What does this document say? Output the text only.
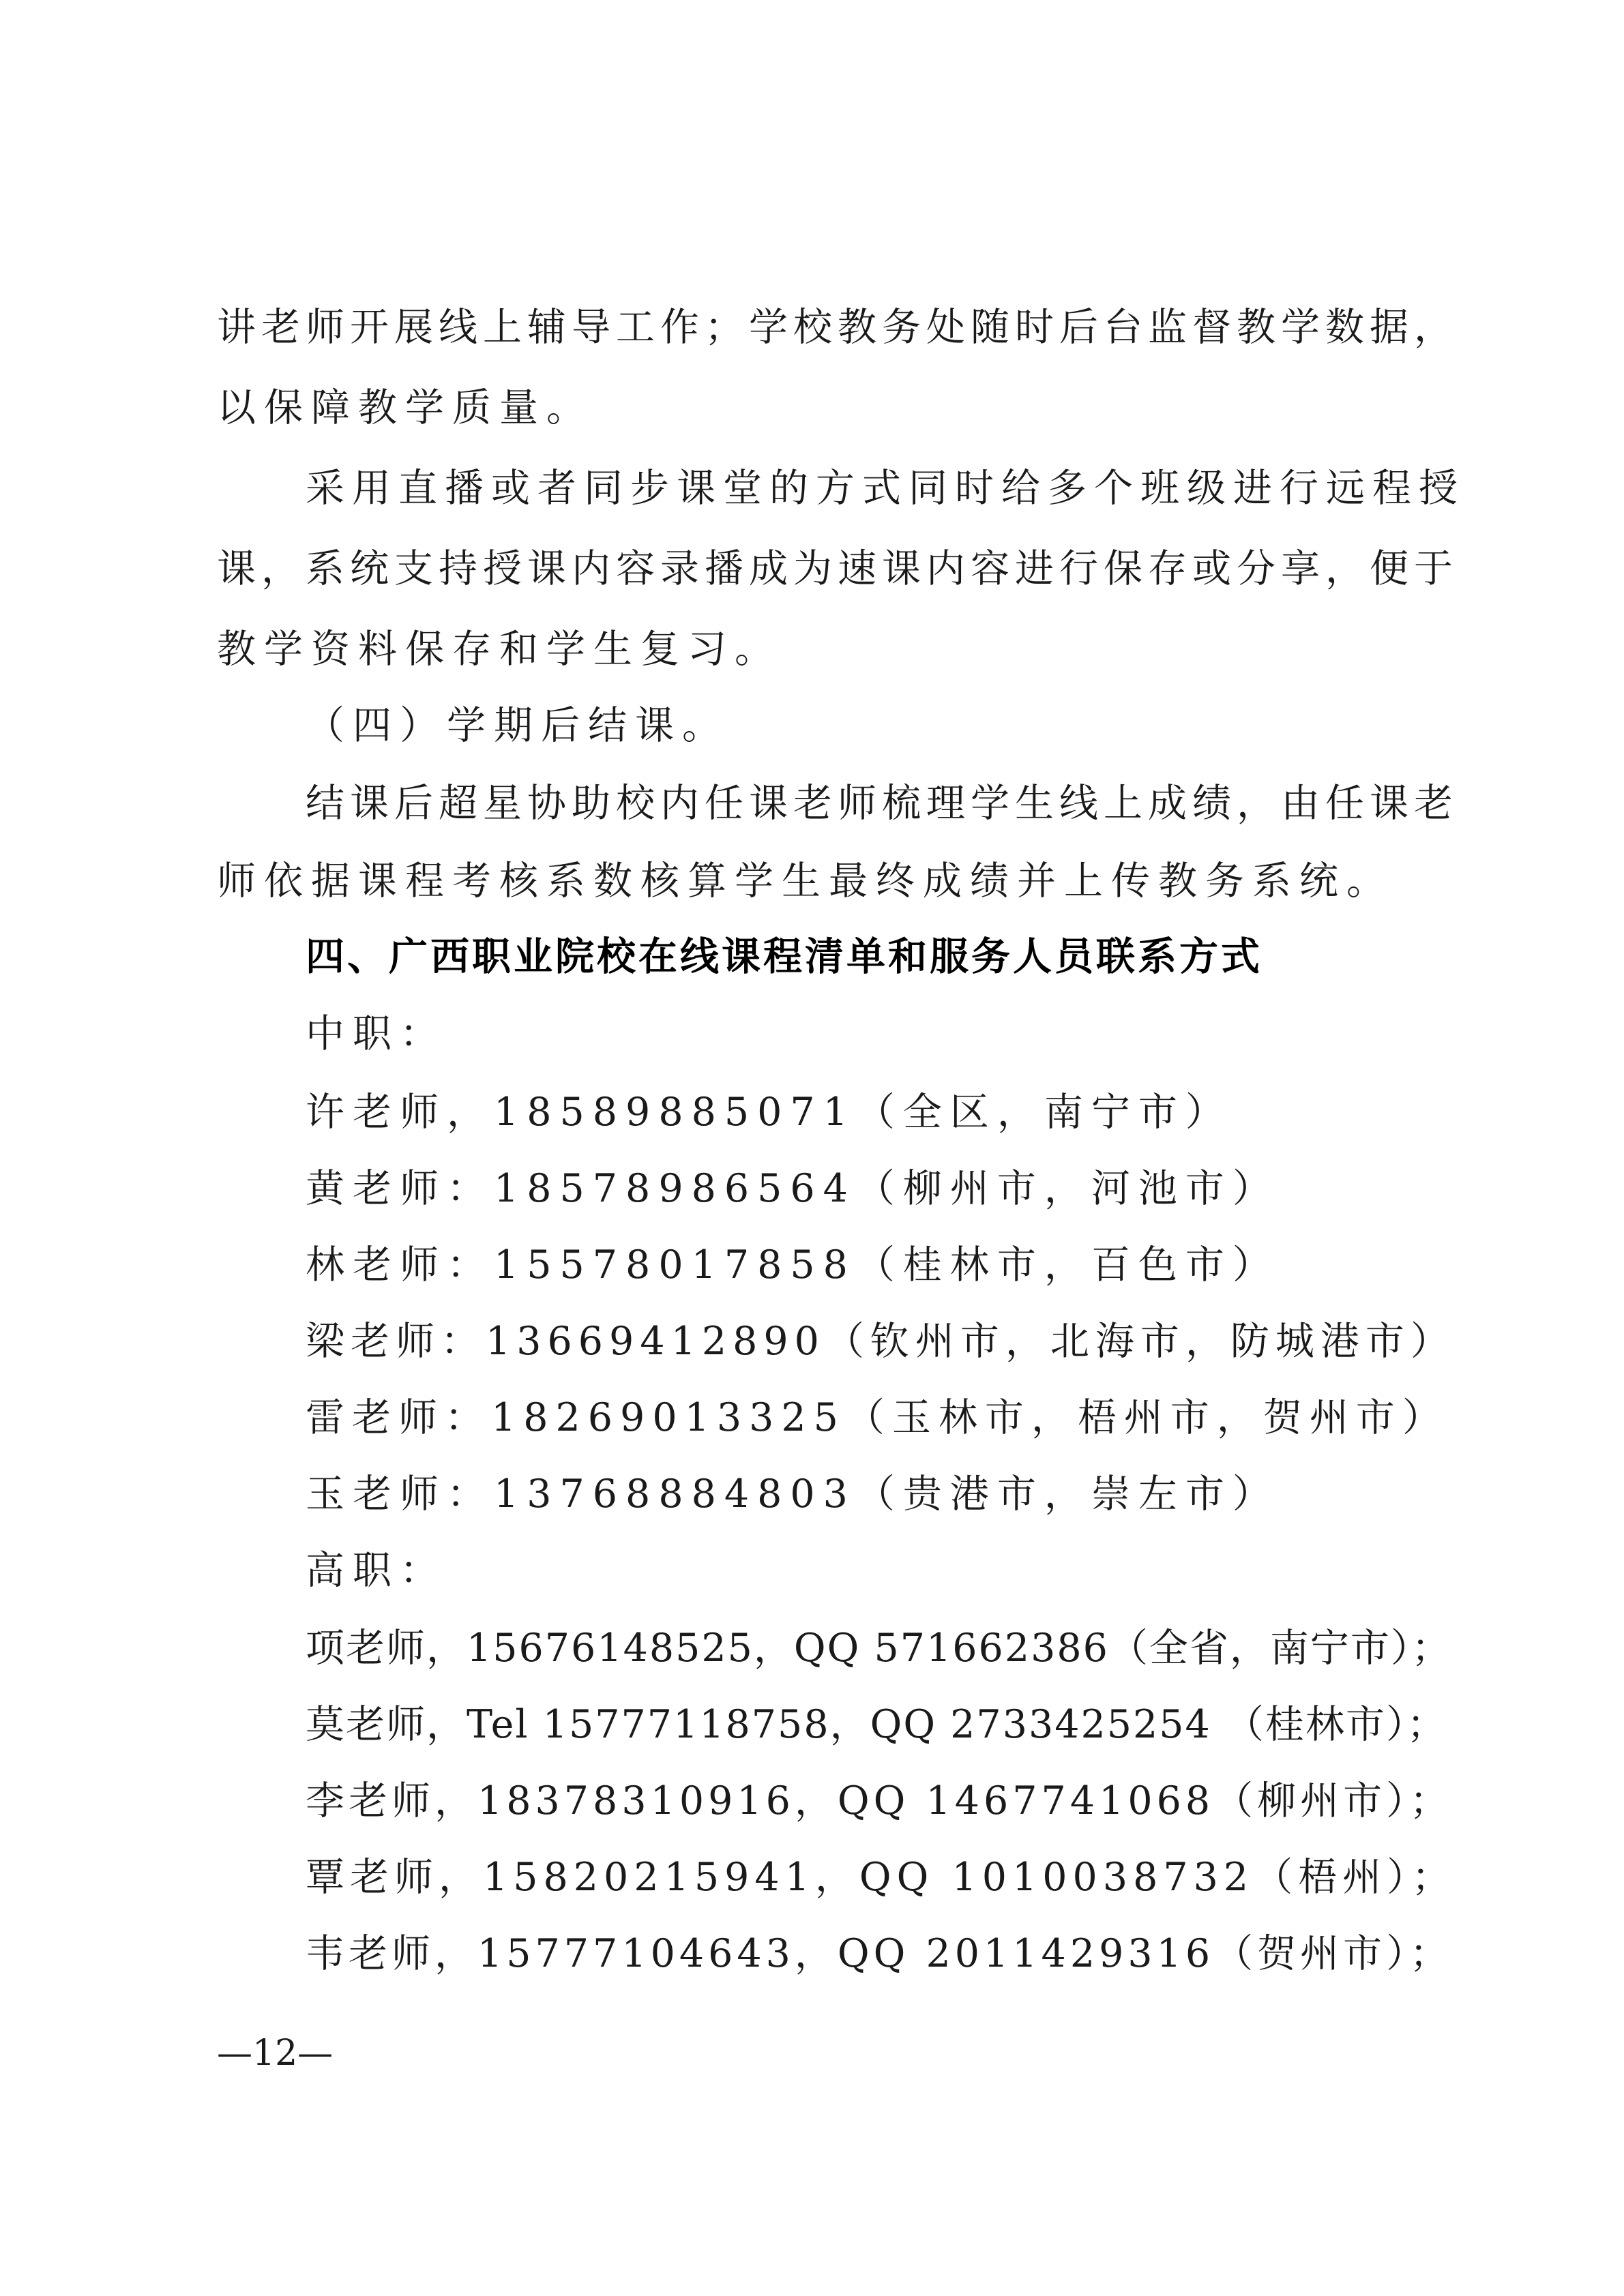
讲老师开展线上辅导工作；学校教务处随时后台监督教学数据，
以保障教学质量。
采用直播或者同步课堂的方式同时给多个班级进行远程授
课，系统支持授课内容录播成为速课内容进行保存或分享，便于
教学资料保存和学生复习。
（四）学期后结课。
结课后超星协助校内任课老师梳理学生线上成绩，由任课老
师依据课程考核系数核算学生最终成绩并上传教务系统。
四、广西职业院校在线课程清单和服务人员联系方式
中职：
许老师，18589885071（全区，南宁市）
黄老师：18578986564（柳州市，河池市）
林老师：15578017858（桂林市，百色市）
梁老师：13669412890（钦州市，北海市，防城港市）
雷老师：18269013325（玉林市，梧州市，贺州市）
玉老师：13768884803（贵港市，崇左市）
高职：
项老师，15676148525，QQ 571662386（全省，南宁市）；
莫老师，Tel 15777118758，QQ 2733425254 （桂林市）；
李老师，18378310916，QQ 1467741068（柳州市）；
覃老师，15820215941，QQ 1010038732（梧州）；
韦老师，15777104643，QQ 2011429316（贺州市）；
—12—
